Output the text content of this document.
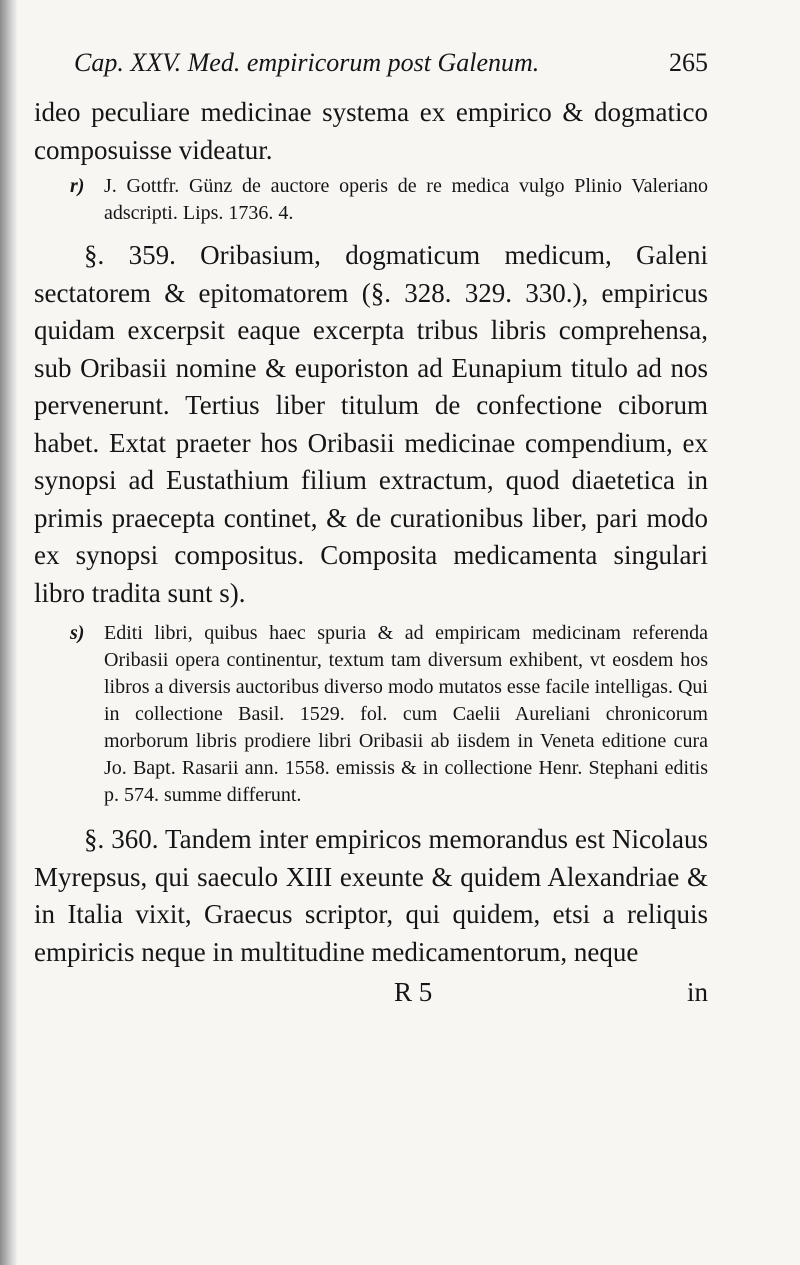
Cap. XXV. Med. empiricorum post Galenum.	265

ideo peculiare medicinae systema ex empirico & dogmatico composuisse videatur.

r) J. Gottfr. Günz de auctore operis de re medica vulgo Plinio Valeriano adscripti. Lips. 1736. 4.

§. 359. Oribasium, dogmaticum medicum, Galeni sectatorem & epitomatorem (§. 328. 329. 330.), empiricus quidam excerpsit eaque excerpta tribus libris comprehensa, sub Oribasii nomine & euporiston ad Eunapium titulo ad nos pervenerunt. Tertius liber titulum de confectione ciborum habet. Extat praeter hos Oribasii medicinae compendium, ex synopsi ad Eustathium filium extractum, quod diaetetica in primis praecepta continet, & de curationibus liber, pari modo ex synopsi compositus. Composita medicamenta singulari libro tradita sunt s).

s) Editi libri, quibus haec spuria & ad empiricam medicinam referenda Oribasii opera continentur, textum tam diversum exhibent, vt eosdem hos libros a diversis auctoribus diverso modo mutatos esse facile intelligas. Qui in collectione Basil. 1529. fol. cum Caelii Aureliani chronicorum morborum libris prodiere libri Oribasii ab iisdem in Veneta editione cura Jo. Bapt. Rasarii ann. 1558. emissis & in collectione Henr. Stephani editis p. 574. summe differunt.

§. 360. Tandem inter empiricos memorandus est Nicolaus Myrepsus, qui saeculo XIII exeunte & quidem Alexandriae & in Italia vixit, Graecus scriptor, qui quidem, etsi a reliquis empiricis neque in multitudine medicamentorum, neque

R 5	in
